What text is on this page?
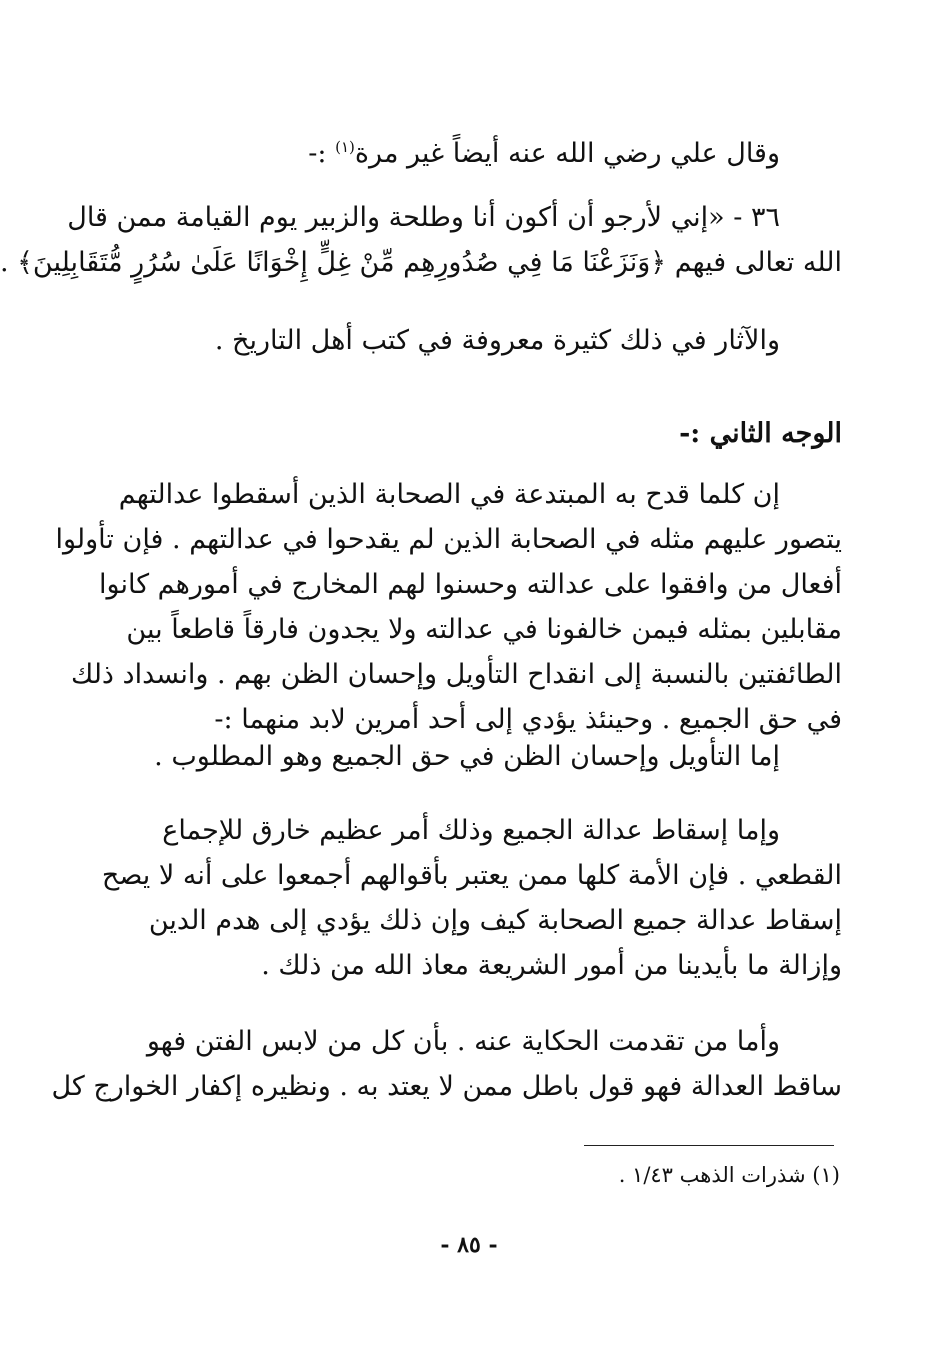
وقال علي رضي الله عنه أيضاً غير مرة$^{(١)}$ :-

٣٦ - «إني لأرجو أن أكون أنا وطلحة والزبير يوم القيامة ممن قال
الله تعالى فيهم ﴿وَنَزَعْنَا مَا فِي صُدُورِهِم مِّنْ غِلٍّ إِخْوَانًا عَلَىٰ سُرُرٍ مُّتَقَابِلِينَ﴾ .
والآثار في ذلك كثيرة معروفة في كتب أهل التاريخ .
الوجه الثاني :-
إن كلما قدح به المبتدعة في الصحابة الذين أسقطوا عدالتهم
يتصور عليهم مثله في الصحابة الذين لم يقدحوا في عدالتهم . فإن تأولوا
أفعال من وافقوا على عدالته وحسنوا لهم المخارج في أمورهم كانوا
مقابلين بمثله فيمن خالفونا في عدالته ولا يجدون فارقاً قاطعاً بين
الطائفتين بالنسبة إلى انقداح التأويل وإحسان الظن بهم . وانسداد ذلك
في حق الجميع . وحينئذ يؤدي إلى أحد أمرين لابد منهما :-
إما التأويل وإحسان الظن في حق الجميع وهو المطلوب .
وإما إسقاط عدالة الجميع وذلك أمر عظيم خارق للإجماع
القطعي . فإن الأمة كلها ممن يعتبر بأقوالهم أجمعوا على أنه لا يصح
إسقاط عدالة جميع الصحابة كيف وإن ذلك يؤدي إلى هدم الدين
وإزالة ما بأيدينا من أمور الشريعة معاذ الله من ذلك .
وأما من تقدمت الحكاية عنه . بأن كل من لابس الفتن فهو
ساقط العدالة فهو قول باطل ممن لا يعتد به . ونظيره إكفار الخوارج كل
(١) شذرات الذهب ١/٤٣ .
- ٨٥ -
